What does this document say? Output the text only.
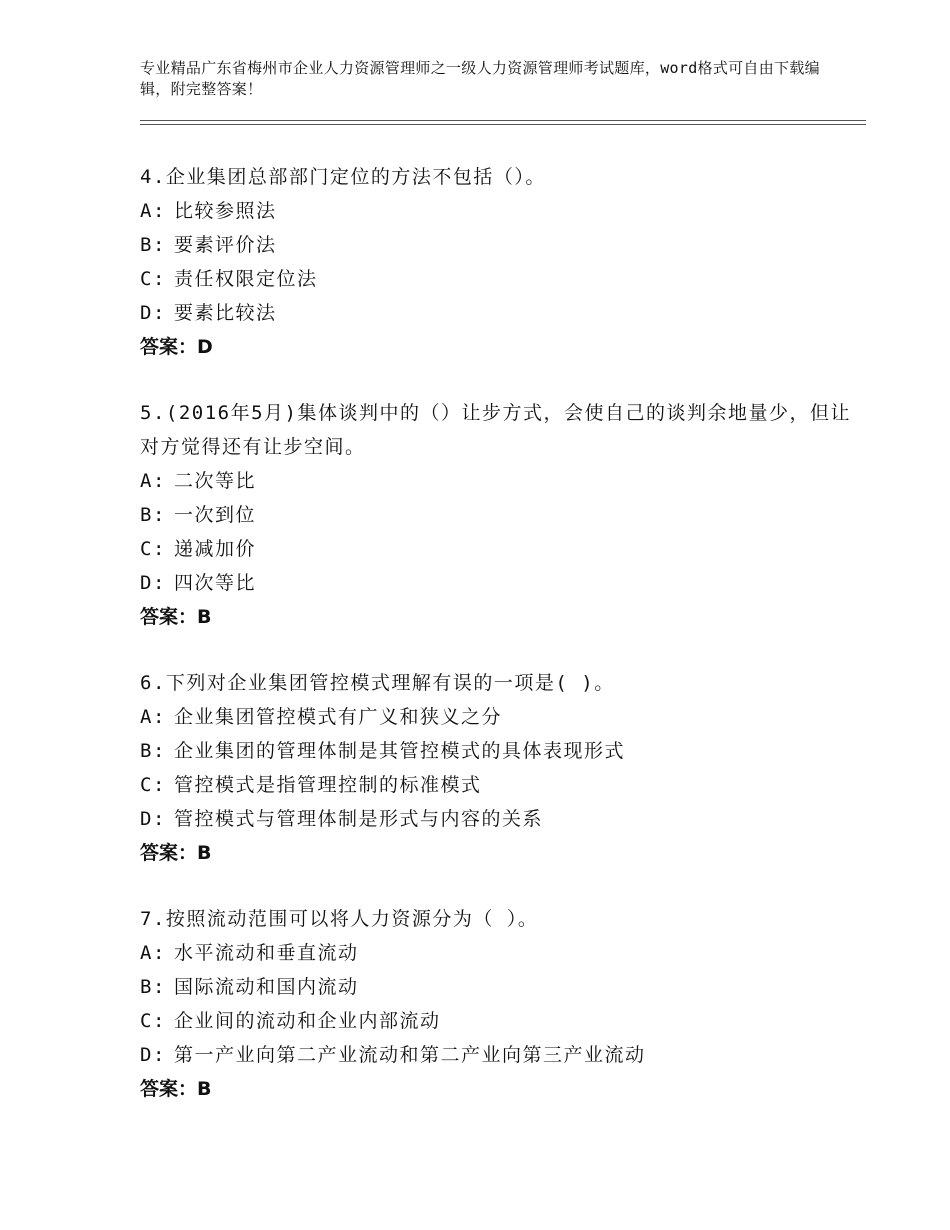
专业精品广东省梅州市企业人力资源管理师之一级人力资源管理师考试题库，word格式可自由下载编辑，附完整答案！
4.企业集团总部部门定位的方法不包括（）。
A: 比较参照法
B: 要素评价法
C: 责任权限定位法
D: 要素比较法
答案：D
5.(2016年5月)集体谈判中的（）让步方式，会使自己的谈判余地量少，但让对方觉得还有让步空间。
A: 二次等比
B: 一次到位
C: 递减加价
D: 四次等比
答案：B
6.下列对企业集团管控模式理解有误的一项是( )。
A: 企业集团管控模式有广义和狭义之分
B: 企业集团的管理体制是其管控模式的具体表现形式
C: 管控模式是指管理控制的标准模式
D: 管控模式与管理体制是形式与内容的关系
答案：B
7.按照流动范围可以将人力资源分为（ ）。
A: 水平流动和垂直流动
B: 国际流动和国内流动
C: 企业间的流动和企业内部流动
D: 第一产业向第二产业流动和第二产业向第三产业流动
答案：B
